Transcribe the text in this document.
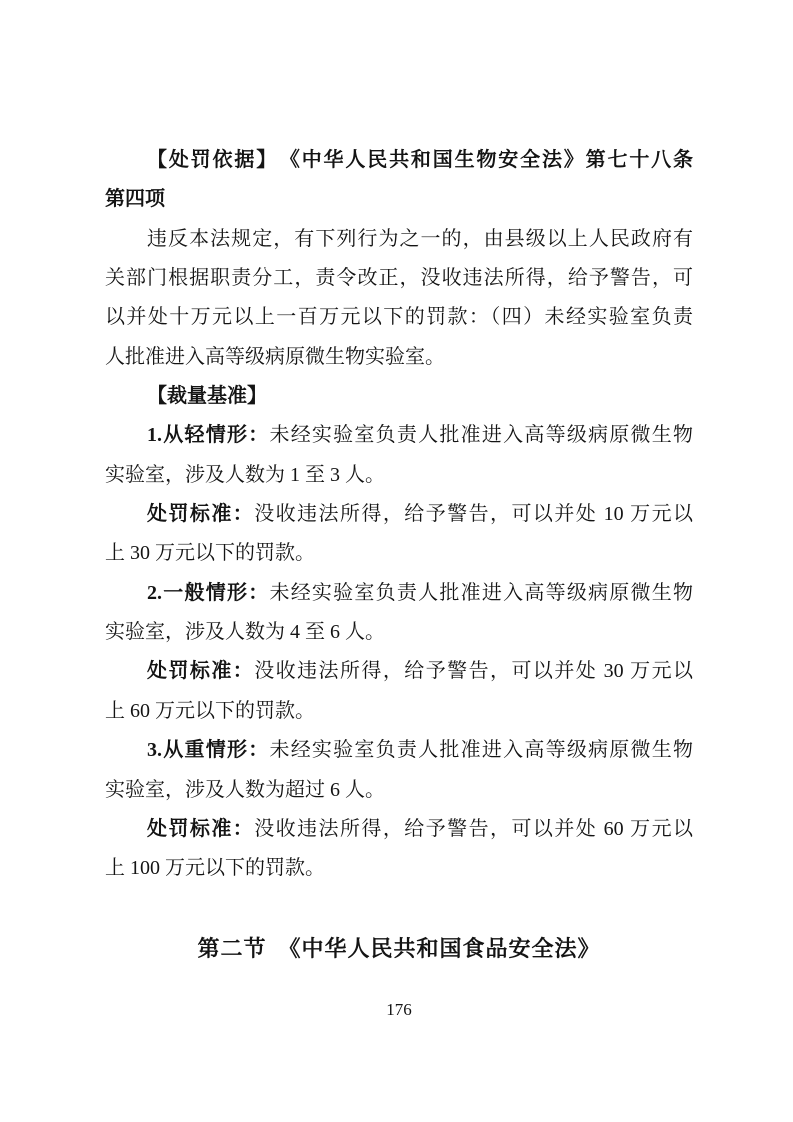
【处罚依据】　《中华人民共和国生物安全法》第七十八条
第四项
违反本法规定，有下列行为之一的，由县级以上人民政府有
关部门根据职责分工，责令改正，没收违法所得，给予警告，可
以并处十万元以上一百万元以下的罚款：（四）未经实验室负责
人批准进入高等级病原微生物实验室。
【裁量基准】
1.从轻情形：未经实验室负责人批准进入高等级病原微生物
实验室，涉及人数为 1 至 3 人。
处罚标准：没收违法所得，给予警告，可以并处 10 万元以
上 30 万元以下的罚款。
2.一般情形：未经实验室负责人批准进入高等级病原微生物
实验室，涉及人数为 4 至 6 人。
处罚标准：没收违法所得，给予警告，可以并处 30 万元以
上 60 万元以下的罚款。
3.从重情形：未经实验室负责人批准进入高等级病原微生物
实验室，涉及人数为超过 6 人。
处罚标准：没收违法所得，给予警告，可以并处 60 万元以
上 100 万元以下的罚款。
第二节　《中华人民共和国食品安全法》
176
